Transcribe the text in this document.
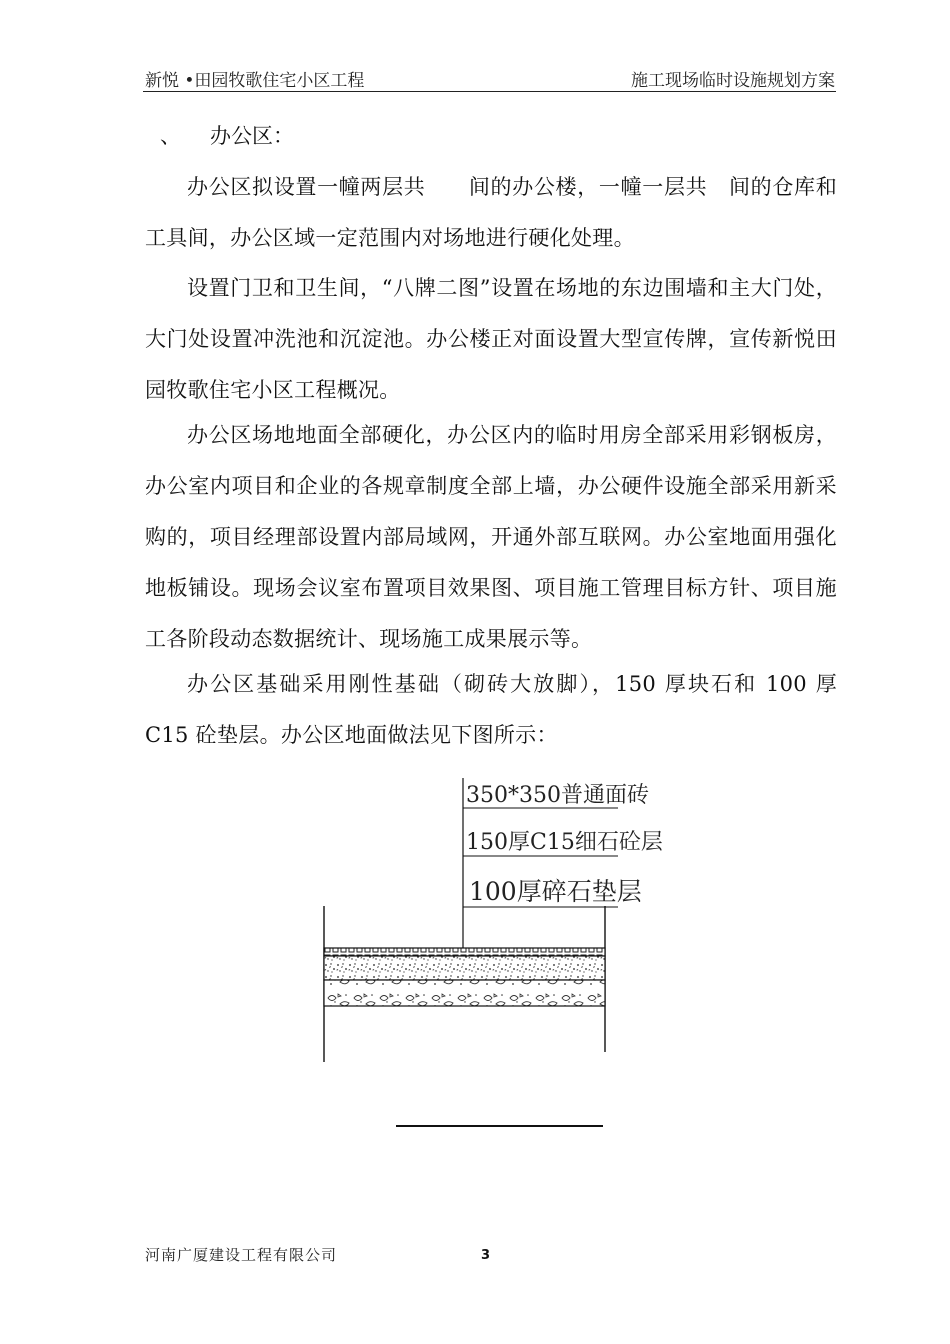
新悦 •田园牧歌住宅小区工程	施工现场临时设施规划方案
、 办公区：

办公区拟设置一幢两层共　　间的办公楼，一幢一层共　间的仓库和工具间，办公区域一定范围内对场地进行硬化处理。

设置门卫和卫生间，“八牌二图”设置在场地的东边围墙和主大门处，大门处设置冲洗池和沉淀池。办公楼正对面设置大型宣传牌，宣传新悦田园牧歌住宅小区工程概况。

办公区场地地面全部硬化，办公区内的临时用房全部采用彩钢板房，办公室内项目和企业的各规章制度全部上墙，办公硬件设施全部采用新采购的，项目经理部设置内部局域网，开通外部互联网。办公室地面用强化地板铺设。现场会议室布置项目效果图、项目施工管理目标方针、项目施工各阶段动态数据统计、现场施工成果展示等。

办公区基础采用刚性基础（砌砖大放脚），150 厚块石和 100 厚 C15 砼垫层。办公区地面做法见下图所示：

350*350普通面砖
150厚C15细石砼层
100厚碎石垫层
河南广厦建设工程有限公司	3
